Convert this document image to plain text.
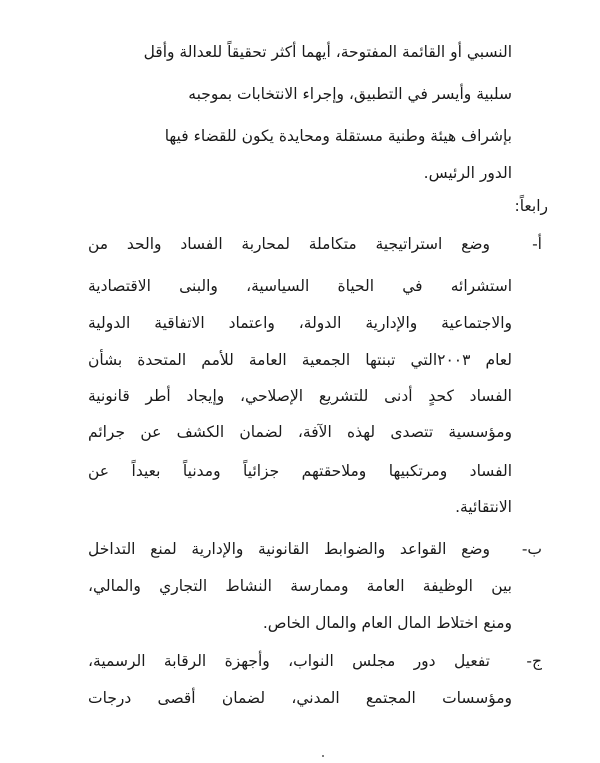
النسبي أو القائمة المفتوحة، أيهما أكثر تحقيقاً للعدالة وأقل
سلبية وأيسر في التطبيق، وإجراء الانتخابات بموجبه
بإشراف هيئة وطنية مستقلة ومحايدة يكون للقضاء فيها
الدور الرئيس.
رابعاً:
أ-
وضع استراتيجية متكاملة لمحاربة الفساد والحد من
استشرائه في الحياة السياسية، والبنى الاقتصادية
والاجتماعية والإدارية الدولة، واعتماد الاتفاقية الدولية
لعام ٢٠٠٣التي تبنتها الجمعية العامة للأمم المتحدة بشأن
الفساد كحدٍ أدنى للتشريع الإصلاحي، وإيجاد أطر قانونية
ومؤسسية تتصدى لهذه الآفة، لضمان الكشف عن جرائم
الفساد ومرتكبيها وملاحقتهم جزائياً ومدنياً بعيداً عن
الانتقائية.
ب-
وضع القواعد والضوابط القانونية والإدارية لمنع التداخل
بين الوظيفة العامة وممارسة النشاط التجاري والمالي،
ومنع اختلاط المال العام والمال الخاص.
ج-
تفعيل دور مجلس النواب، وأجهزة الرقابة الرسمية،
ومؤسسات المجتمع المدني، لضمان أقصى درجات
